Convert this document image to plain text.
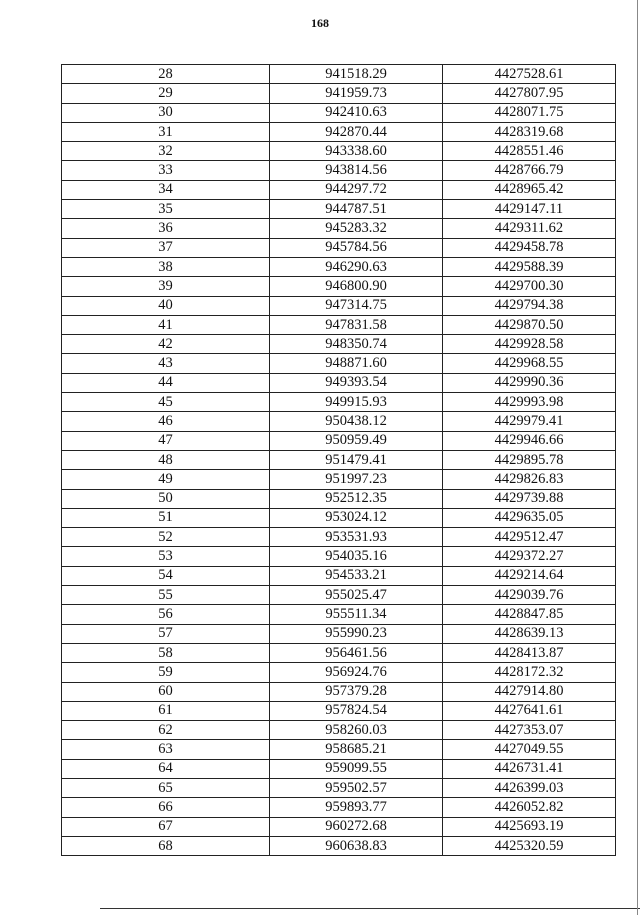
168
28	941518.29	4427528.61
29	941959.73	4427807.95
30	942410.63	4428071.75
31	942870.44	4428319.68
32	943338.60	4428551.46
33	943814.56	4428766.79
34	944297.72	4428965.42
35	944787.51	4429147.11
36	945283.32	4429311.62
37	945784.56	4429458.78
38	946290.63	4429588.39
39	946800.90	4429700.30
40	947314.75	4429794.38
41	947831.58	4429870.50
42	948350.74	4429928.58
43	948871.60	4429968.55
44	949393.54	4429990.36
45	949915.93	4429993.98
46	950438.12	4429979.41
47	950959.49	4429946.66
48	951479.41	4429895.78
49	951997.23	4429826.83
50	952512.35	4429739.88
51	953024.12	4429635.05
52	953531.93	4429512.47
53	954035.16	4429372.27
54	954533.21	4429214.64
55	955025.47	4429039.76
56	955511.34	4428847.85
57	955990.23	4428639.13
58	956461.56	4428413.87
59	956924.76	4428172.32
60	957379.28	4427914.80
61	957824.54	4427641.61
62	958260.03	4427353.07
63	958685.21	4427049.55
64	959099.55	4426731.41
65	959502.57	4426399.03
66	959893.77	4426052.82
67	960272.68	4425693.19
68	960638.83	4425320.59
